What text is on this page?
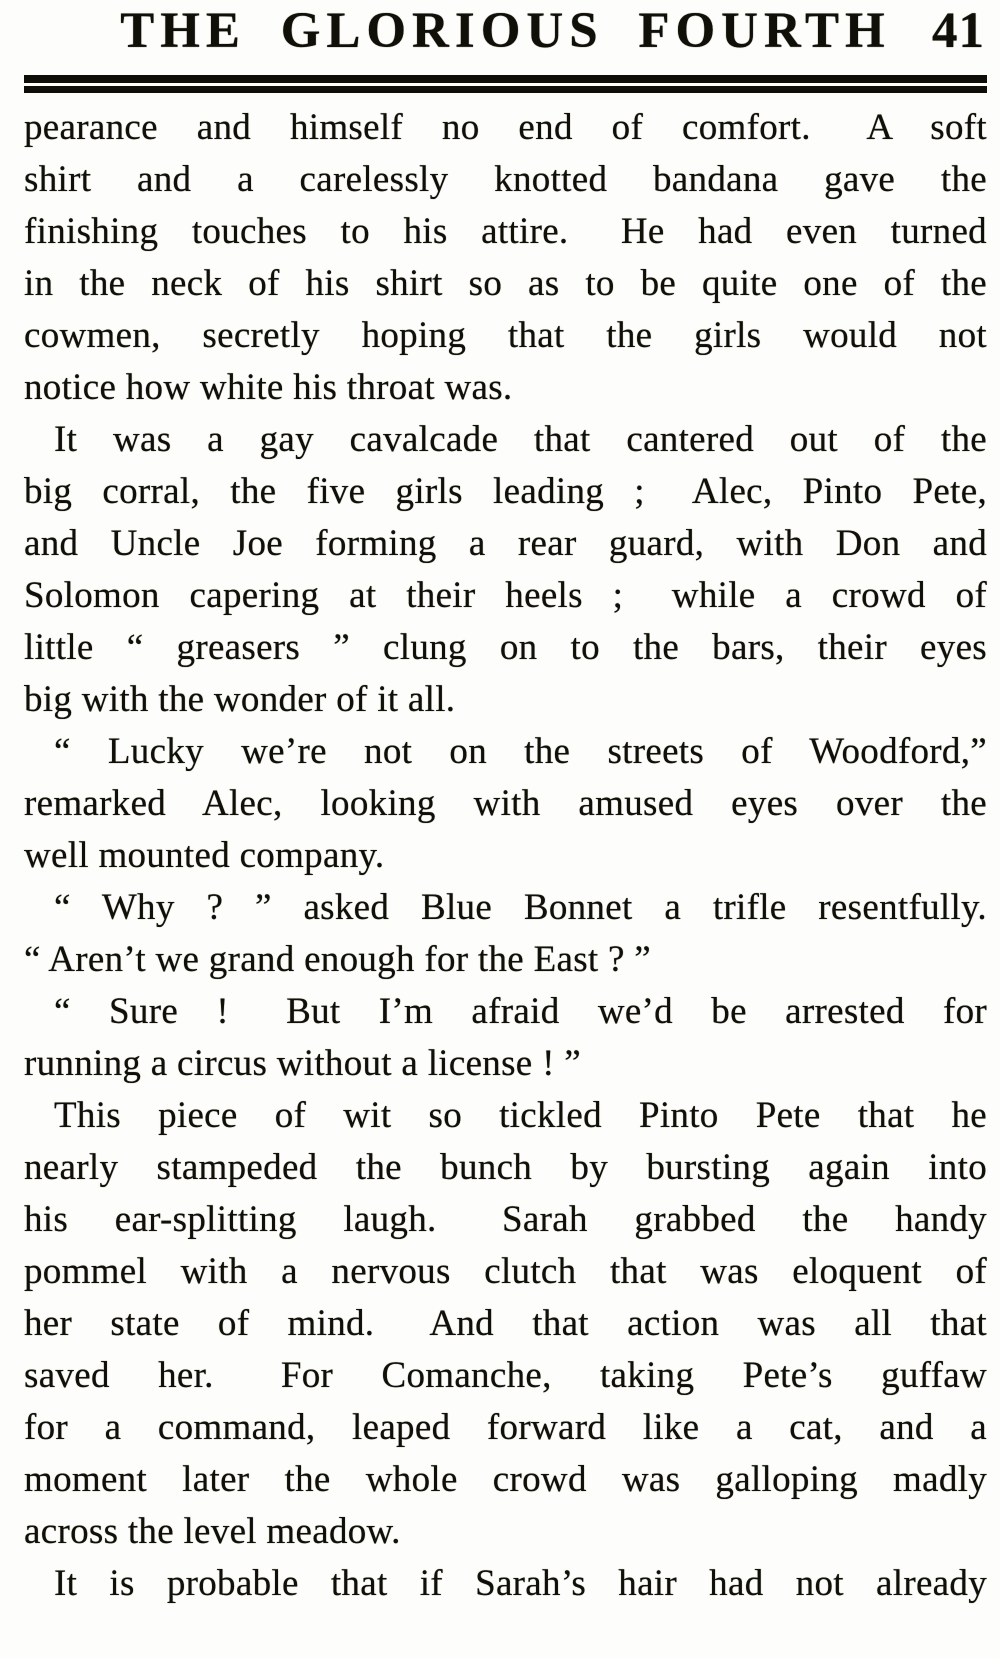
THE GLORIOUS FOURTH 41
pearance and himself no end of comfort.  A soft
shirt and a carelessly knotted bandana gave the
finishing touches to his attire.  He had even turned
in the neck of his shirt so as to be quite one of the
cowmen, secretly hoping that the girls would not
notice how white his throat was.
It was a gay cavalcade that cantered out of the
big corral, the five girls leading ;  Alec, Pinto Pete,
and Uncle Joe forming a rear guard, with Don and
Solomon capering at their heels ;  while a crowd of
little “ greasers ” clung on to the bars, their eyes
big with the wonder of it all.
“ Lucky we’re not on the streets of Woodford,”
remarked Alec, looking with amused eyes over the
well mounted company.
“ Why ? ” asked Blue Bonnet a trifle resentfully.
“ Aren’t we grand enough for the East ? ”
“ Sure !  But I’m afraid we’d be arrested for
running a circus without a license ! ”
This piece of wit so tickled Pinto Pete that he
nearly stampeded the bunch by bursting again into
his ear-splitting laugh.  Sarah grabbed the handy
pommel with a nervous clutch that was eloquent of
her state of mind.  And that action was all that
saved her.  For Comanche, taking Pete’s guffaw
for a command, leaped forward like a cat, and a
moment later the whole crowd was galloping madly
across the level meadow.
It is probable that if Sarah’s hair had not already
